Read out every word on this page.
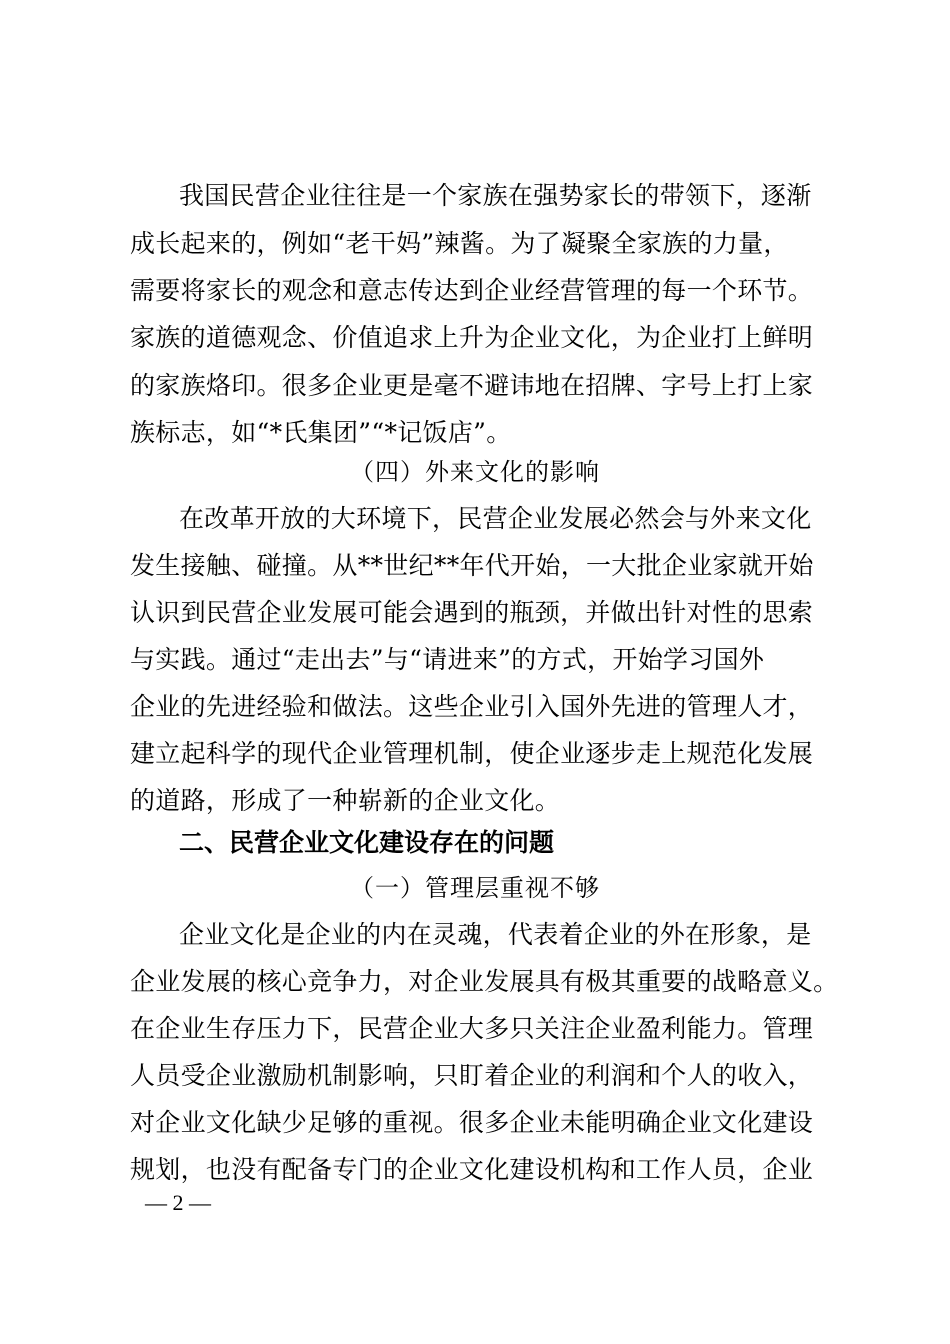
我国民营企业往往是一个家族在强势家长的带领下，逐渐
成长起来的，例如“老干妈”辣酱。为了凝聚全家族的力量，
需要将家长的观念和意志传达到企业经营管理的每一个环节。
家族的道德观念、价值追求上升为企业文化，为企业打上鲜明
的家族烙印。很多企业更是毫不避讳地在招牌、字号上打上家
族标志，如“*氏集团”“*记饭店”。
（四）外来文化的影响
在改革开放的大环境下，民营企业发展必然会与外来文化
发生接触、碰撞。从**世纪**年代开始，一大批企业家就开始
认识到民营企业发展可能会遇到的瓶颈，并做出针对性的思索
与实践。通过“走出去”与“请进来”的方式，开始学习国外
企业的先进经验和做法。这些企业引入国外先进的管理人才，
建立起科学的现代企业管理机制，使企业逐步走上规范化发展
的道路，形成了一种崭新的企业文化。
二、民营企业文化建设存在的问题
（一）管理层重视不够
企业文化是企业的内在灵魂，代表着企业的外在形象，是
企业发展的核心竞争力，对企业发展具有极其重要的战略意义。
在企业生存压力下，民营企业大多只关注企业盈利能力。管理
人员受企业激励机制影响，只盯着企业的利润和个人的收入，
对企业文化缺少足够的重视。很多企业未能明确企业文化建设
规划，也没有配备专门的企业文化建设机构和工作人员，企业
— 2 —
